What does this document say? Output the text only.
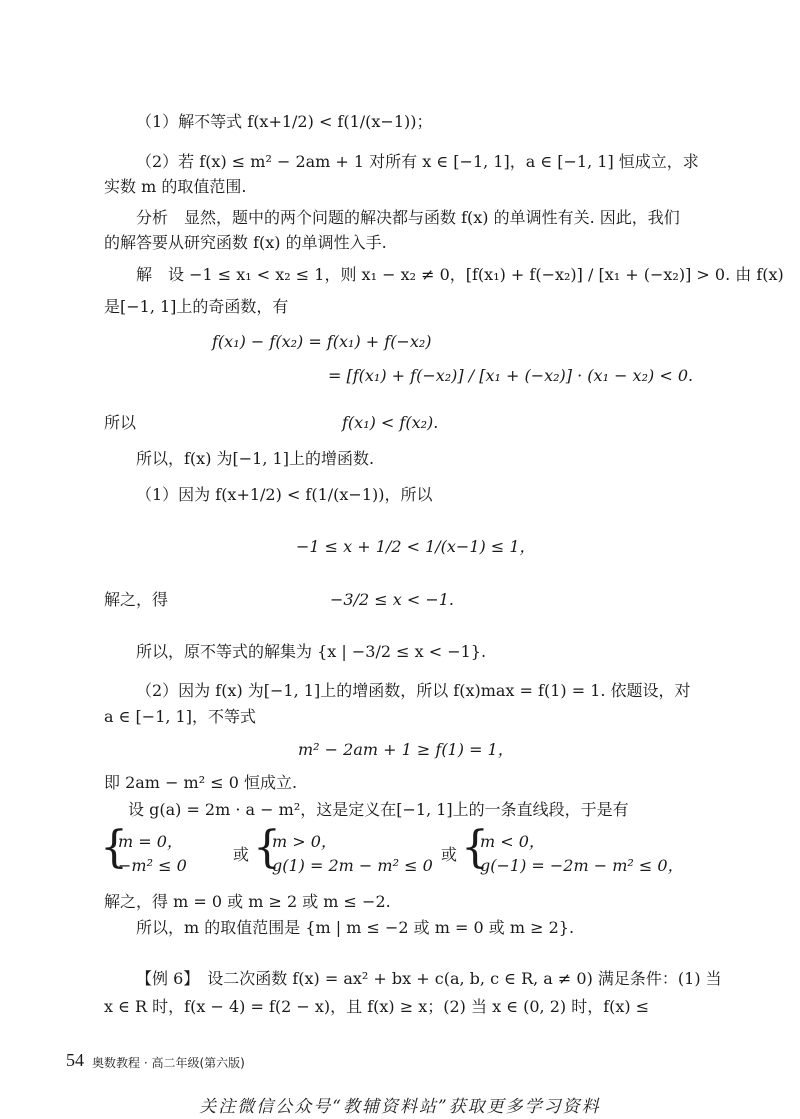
（1）解不等式 f(x+1/2) < f(1/(x−1))；
（2）若 f(x) ≤ m² − 2am + 1 对所有 x ∈ [−1, 1]，a ∈ [−1, 1] 恒成立，求
实数 m 的取值范围.
分析　显然，题中的两个问题的解决都与函数 f(x) 的单调性有关. 因此，我们
的解答要从研究函数 f(x) 的单调性入手.
解　设 −1 ≤ x₁ < x₂ ≤ 1，则 x₁ − x₂ ≠ 0，[f(x₁) + f(−x₂)] / [x₁ + (−x₂)] > 0. 由 f(x)
是[−1, 1]上的奇函数，有
f(x₁) − f(x₂) = f(x₁) + f(−x₂)
= [f(x₁) + f(−x₂)] / [x₁ + (−x₂)] · (x₁ − x₂) < 0.
所以	f(x₁) < f(x₂).
所以，f(x) 为[−1, 1]上的增函数.
（1）因为 f(x+1/2) < f(1/(x−1))，所以
−1 ≤ x + 1/2 < 1/(x−1) ≤ 1，
解之，得	−3/2 ≤ x < −1.
所以，原不等式的解集为 {x | −3/2 ≤ x < −1}.
（2）因为 f(x) 为[−1, 1]上的增函数，所以 f(x)max = f(1) = 1. 依题设，对
a ∈ [−1, 1]，不等式
m² − 2am + 1 ≥ f(1) = 1，
即 2am − m² ≤ 0 恒成立.
设 g(a) = 2m · a − m²，这是定义在[−1, 1]上的一条直线段，于是有
{
m = 0，
−m² ≤ 0
或 {
m > 0，
g(1) = 2m − m² ≤ 0
或 {
m < 0，
g(−1) = −2m − m² ≤ 0，
解之，得 m = 0 或 m ≥ 2 或 m ≤ −2.
所以，m 的取值范围是 {m | m ≤ −2 或 m = 0 或 m ≥ 2}.
【例 6】　设二次函数 f(x) = ax² + bx + c(a, b, c ∈ R, a ≠ 0) 满足条件：(1) 当
x ∈ R 时，f(x − 4) = f(2 − x)，且 f(x) ≥ x；(2) 当 x ∈ (0, 2) 时，f(x) ≤
54 奥数教程 · 高二年级(第六版)
关注微信公众号“教辅资料站”获取更多学习资料
